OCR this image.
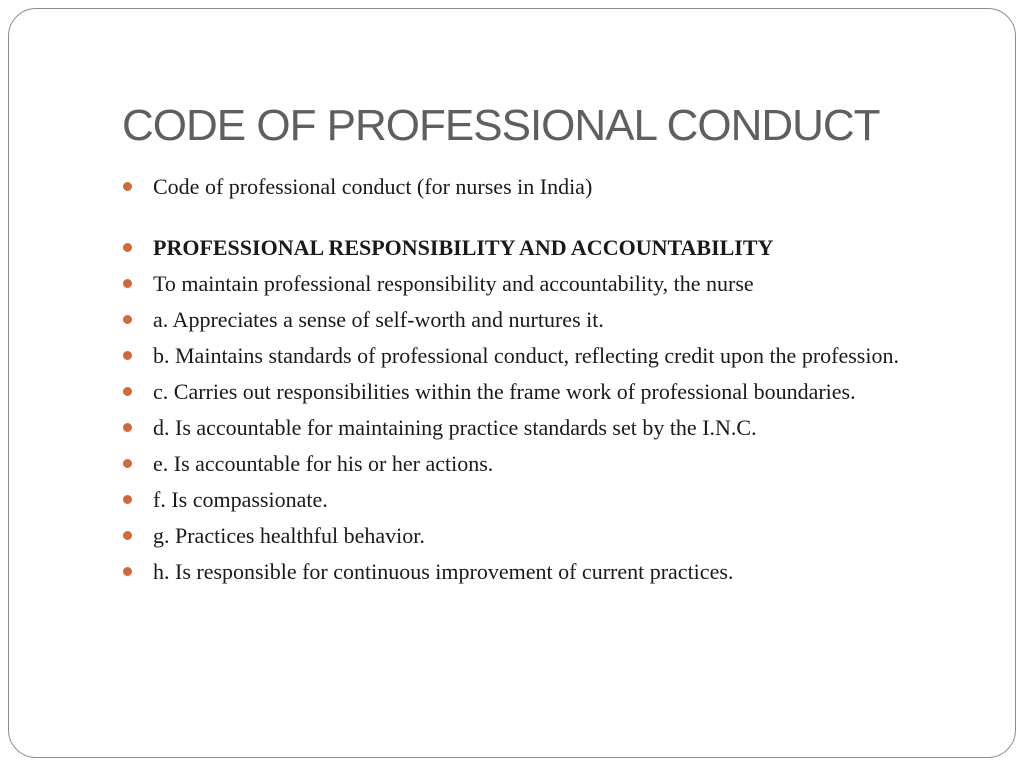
CODE OF PROFESSIONAL CONDUCT
Code of professional conduct (for nurses in India)
PROFESSIONAL RESPONSIBILITY AND ACCOUNTABILITY
To maintain professional responsibility and accountability, the nurse
a. Appreciates a sense of self-worth and nurtures it.
b. Maintains standards of professional conduct, reflecting credit upon the profession.
c. Carries out responsibilities within the frame work of professional boundaries.
d. Is accountable for maintaining practice standards set by the I.N.C.
e. Is accountable for his or her actions.
f. Is compassionate.
g. Practices healthful behavior.
h. Is responsible for continuous improvement of current practices.
